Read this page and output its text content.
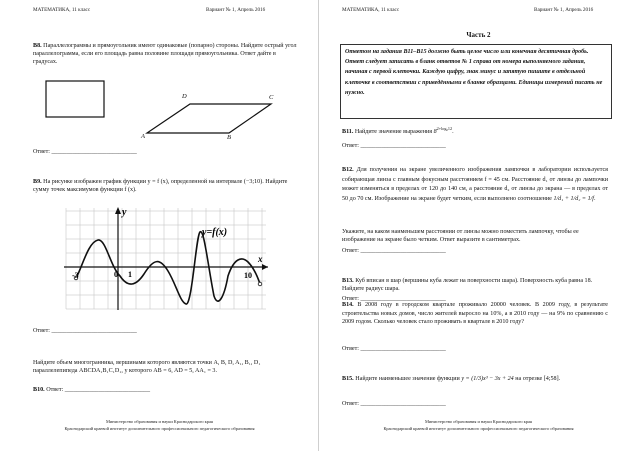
МАТЕМАТИКА, 11 класс	Вариант № 1, Апрель 2016
В8. Параллелограммы и прямоугольник имеют одинаковые (попарно) стороны. Найдите острый угол параллелограмма, если его площадь равна половине площади прямоугольника. Ответ дайте в градусах.
A	B
C
D
Ответ: ____________________________
В9. На рисунке изображен график функции y = f (x), определенной на интервале (−3;10). Найдите сумму точек максимумов функции f (x).
y
x
y=f(x)
-3	0 1	10
Ответ: ____________________________
Найдите объем многогранника, вершинами которого являются точки A, B, D, A₁, B₁, D₁ параллелепипеда ABCDA₁B₁C₁D₁, у которого AB = 6, AD = 5, AA₁ = 3.
В10. Ответ: ____________________________
Министерство образования и науки Краснодарского края
Краснодарский краевой институт дополнительного профессионального педагогического образования
МАТЕМАТИКА, 11 класс	Вариант № 1, Апрель 2016
Часть 2
В11. Найдите значение выражения $8^{2+log_812}$.
Ответ: ____________________________
В12. Для получения на экране увеличенного изображения лампочки в лаборатории используется собирающая линза с главным фокусным расстоянием f = 45 см. Расстояние d₁ от линзы до лампочки может изменяться в пределах от 120 до 140 см, а расстояние d₂ от линзы до экрана — в пределах от 50 до 70 см. Изображение на экране будет четким, если выполнено соотношение 1/d₁ + 1/d₂ = 1/f.
Укажите, на каком наименьшем расстоянии от линзы можно поместить лампочку, чтобы ее изображение на экране было четким. Ответ выразите в сантиметрах.
Ответ: ____________________________
В13. Куб вписан в шар (вершины куба лежат на поверхности шара). Поверхность куба равна 18. Найдите радиус шара.
Ответ: ____________________________
В14. В 2008 году в городском квартале проживало 20000 человек. В 2009 году, в результате строительства новых домов, число жителей выросло на 10%, а в 2010 году — на 9% по сравнению с 2009 годом. Сколько человек стало проживать в квартале в 2010 году?
Ответ: ____________________________
В15. Найдите наименьшее значение функции y = (1/3)x³ − 3x + 24 на отрезке [4;58].
Ответ: ____________________________
Министерство образования и науки Краснодарского края
Краснодарский краевой институт дополнительного профессионального педагогического образования
Ответом на задания В11–В15 должно быть целое число или конечная десятичная дробь. Ответ следует записать в бланк ответов № 1 справа от номера выполняемого задания, начиная с первой клеточки. Каждую цифру, знак минус и запятую пишите в отдельной клеточке в соответствии с приведёнными в бланке образцами. Единицы измерений писать не нужно.
